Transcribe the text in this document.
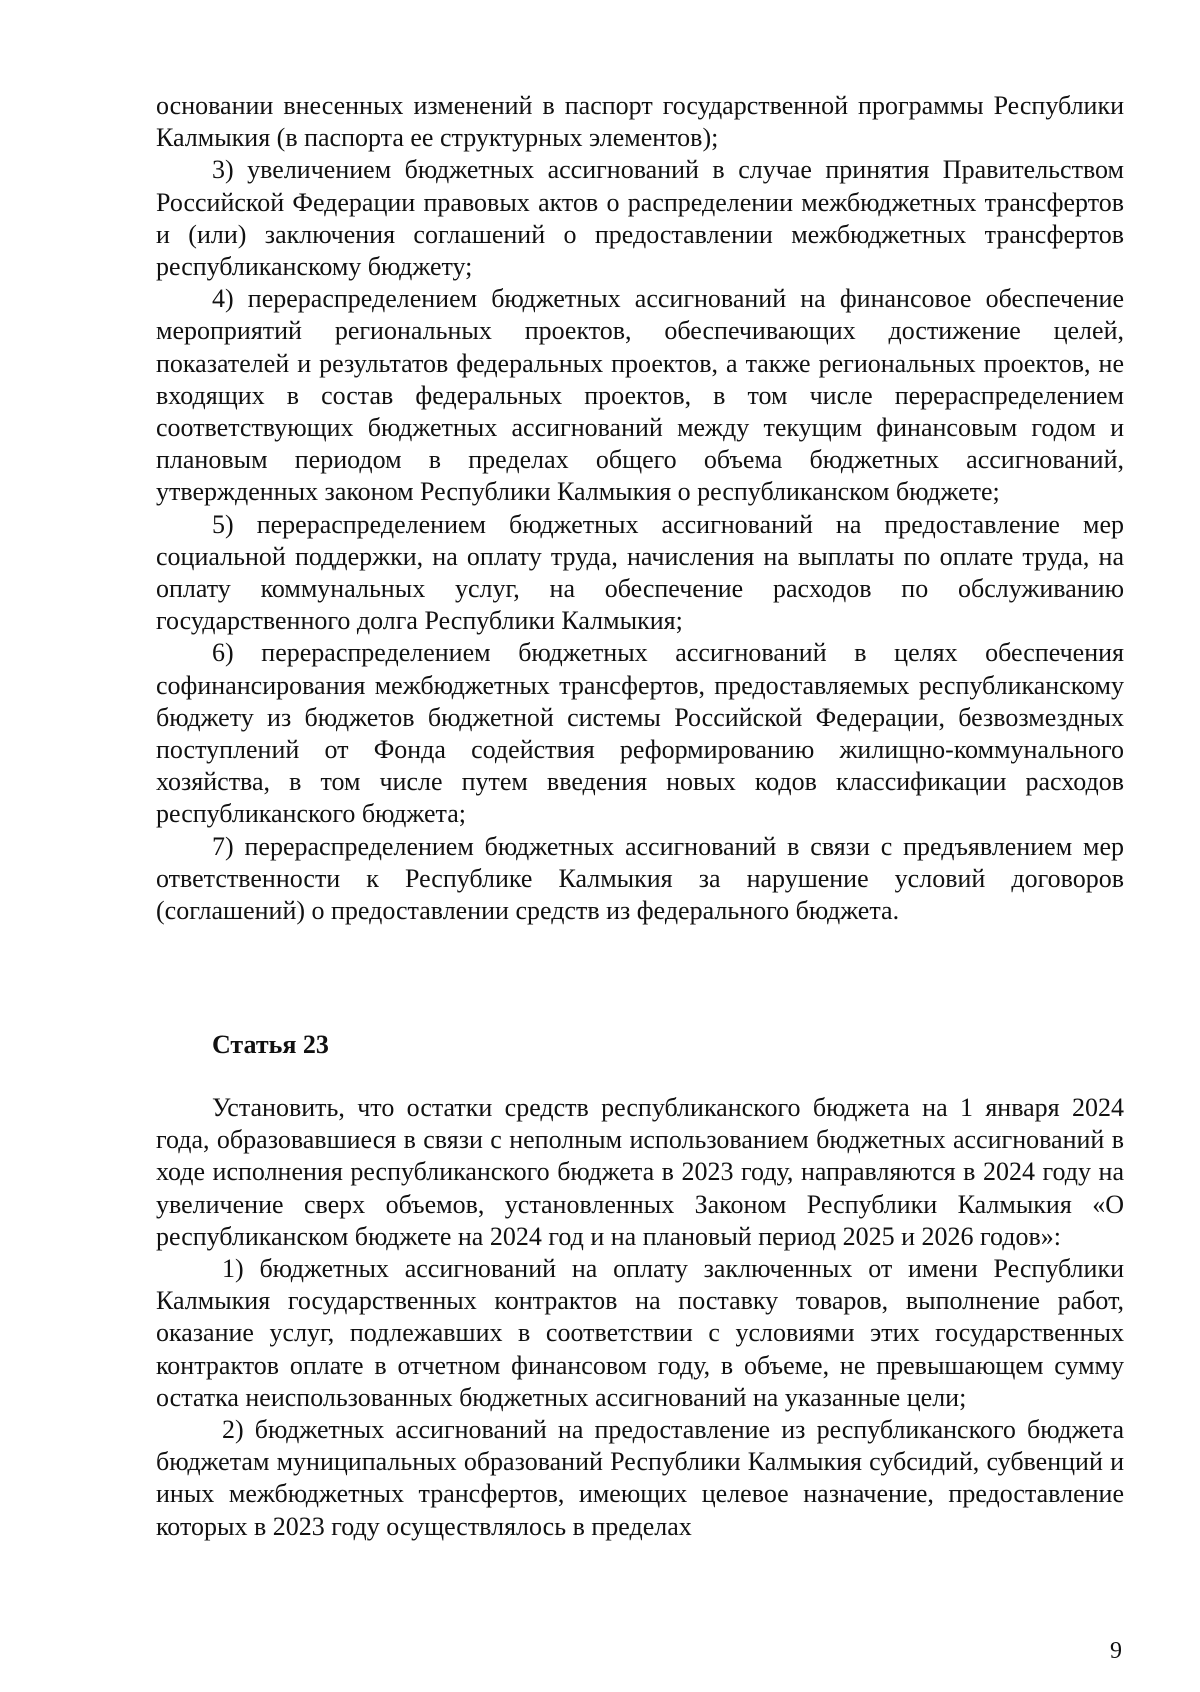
основании внесенных изменений в паспорт государственной программы Республики Калмыкия (в паспорта ее структурных элементов);

3) увеличением бюджетных ассигнований в случае принятия Правительством Российской Федерации правовых актов о распределении межбюджетных трансфертов и (или) заключения соглашений о предоставлении межбюджетных трансфертов республиканскому бюджету;

4) перераспределением бюджетных ассигнований на финансовое обеспечение мероприятий региональных проектов, обеспечивающих достижение целей, показателей и результатов федеральных проектов, а также региональных проектов, не входящих в состав федеральных проектов, в том числе перераспределением соответствующих бюджетных ассигнований между текущим финансовым годом и плановым периодом в пределах общего объема бюджетных ассигнований, утвержденных законом Республики Калмыкия о республиканском бюджете;

5) перераспределением бюджетных ассигнований на предоставление мер социальной поддержки, на оплату труда, начисления на выплаты по оплате труда, на оплату коммунальных услуг, на обеспечение расходов по обслуживанию государственного долга Республики Калмыкия;

6) перераспределением бюджетных ассигнований в целях обеспечения софинансирования межбюджетных трансфертов, предоставляемых республиканскому бюджету из бюджетов бюджетной системы Российской Федерации, безвозмездных поступлений от Фонда содействия реформированию жилищно-коммунального хозяйства, в том числе путем введения новых кодов классификации расходов республиканского бюджета;

7) перераспределением бюджетных ассигнований в связи с предъявлением мер ответственности к Республике Калмыкия за нарушение условий договоров (соглашений) о предоставлении средств из федерального бюджета.

Статья 23

Установить, что остатки средств республиканского бюджета на 1 января 2024 года, образовавшиеся в связи с неполным использованием бюджетных ассигнований в ходе исполнения республиканского бюджета в 2023 году, направляются в 2024 году на увеличение сверх объемов, установленных Законом Республики Калмыкия «О республиканском бюджете на 2024 год и на плановый период 2025 и 2026 годов»:

1) бюджетных ассигнований на оплату заключенных от имени Республики Калмыкия государственных контрактов на поставку товаров, выполнение работ, оказание услуг, подлежавших в соответствии с условиями этих государственных контрактов оплате в отчетном финансовом году, в объеме, не превышающем сумму остатка неиспользованных бюджетных ассигнований на указанные цели;

2) бюджетных ассигнований на предоставление из республиканского бюджета бюджетам муниципальных образований Республики Калмыкия субсидий, субвенций и иных межбюджетных трансфертов, имеющих целевое назначение, предоставление которых в 2023 году осуществлялось в пределах

9
